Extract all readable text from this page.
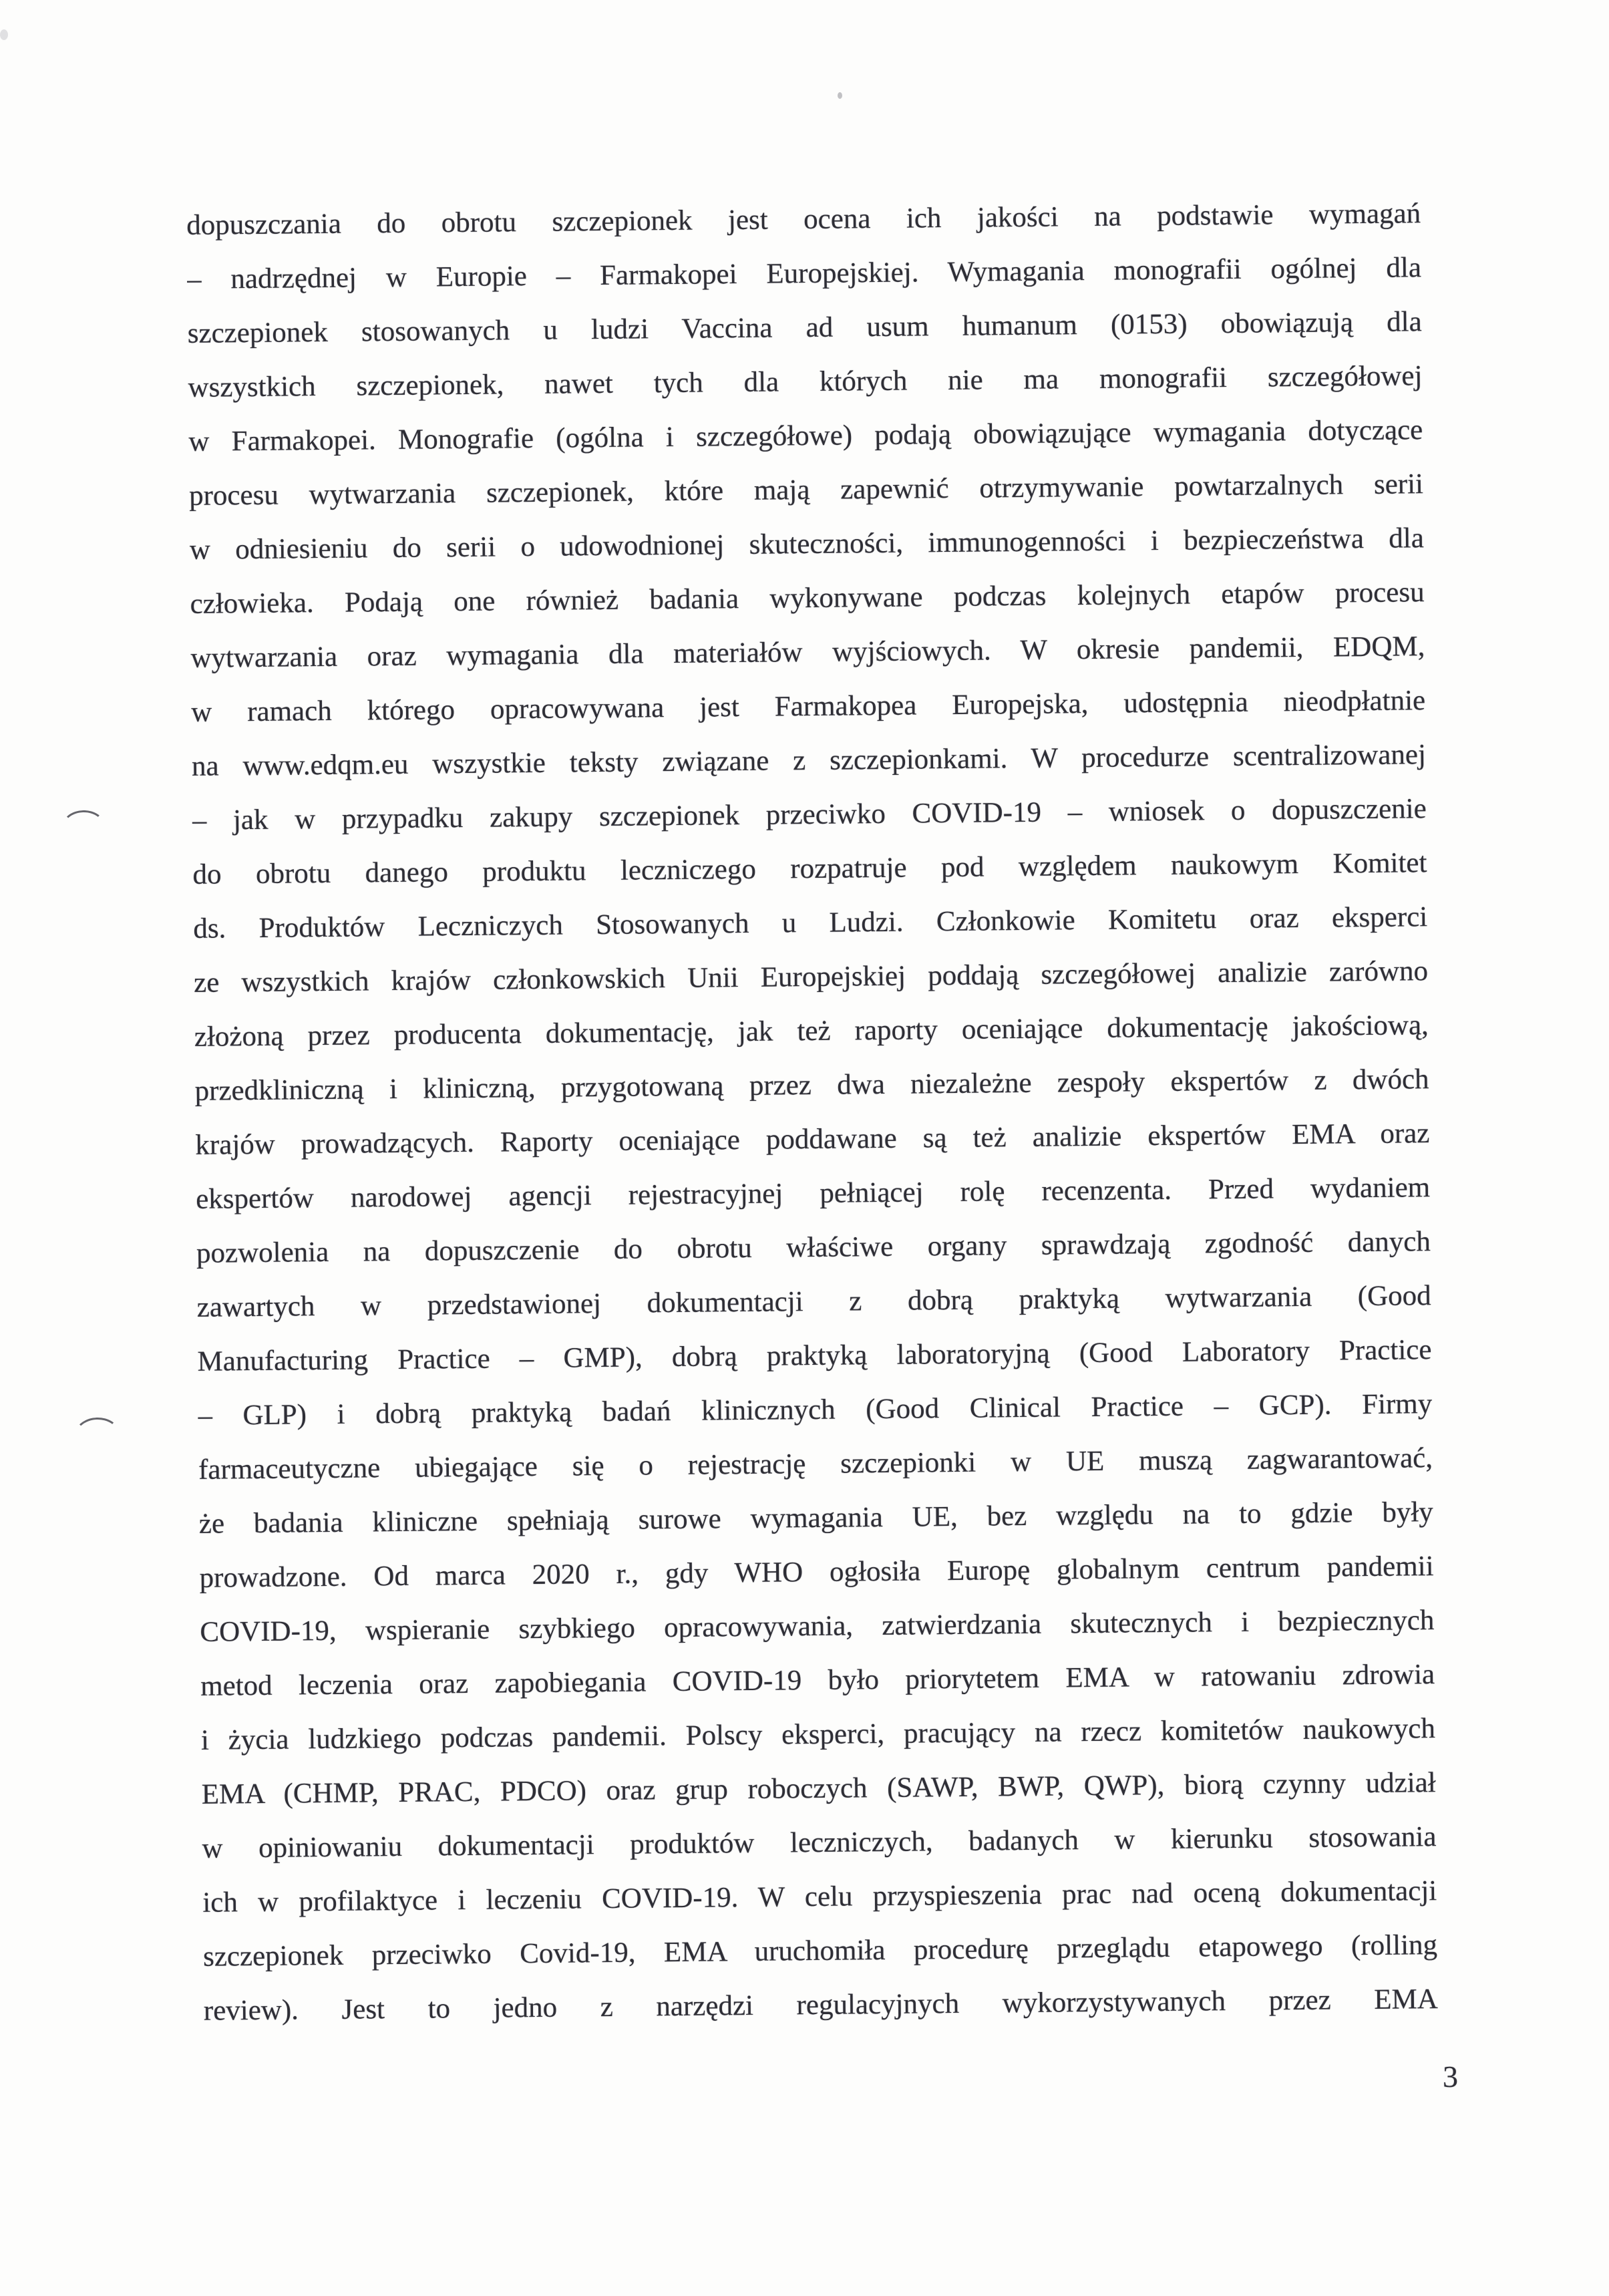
dopuszczania do obrotu szczepionek jest ocena ich jakości na podstawie wymagań
– nadrzędnej w Europie – Farmakopei Europejskiej. Wymagania monografii ogólnej dla
szczepionek stosowanych u ludzi Vaccina ad usum humanum (0153) obowiązują dla
wszystkich szczepionek, nawet tych dla których nie ma monografii szczegółowej
w Farmakopei. Monografie (ogólna i szczegółowe) podają obowiązujące wymagania dotyczące
procesu wytwarzania szczepionek, które mają zapewnić otrzymywanie powtarzalnych serii
w odniesieniu do serii o udowodnionej skuteczności, immunogenności i bezpieczeństwa dla
człowieka. Podają one również badania wykonywane podczas kolejnych etapów procesu
wytwarzania oraz wymagania dla materiałów wyjściowych. W okresie pandemii, EDQM,
w ramach którego opracowywana jest Farmakopea Europejska, udostępnia nieodpłatnie
na www.edqm.eu wszystkie teksty związane z szczepionkami. W procedurze scentralizowanej
– jak w przypadku zakupy szczepionek przeciwko COVID-19 – wniosek o dopuszczenie
do obrotu danego produktu leczniczego rozpatruje pod względem naukowym Komitet
ds. Produktów Leczniczych Stosowanych u Ludzi. Członkowie Komitetu oraz eksperci
ze wszystkich krajów członkowskich Unii Europejskiej poddają szczegółowej analizie zarówno
złożoną przez producenta dokumentację, jak też raporty oceniające dokumentację jakościową,
przedkliniczną i kliniczną, przygotowaną przez dwa niezależne zespoły ekspertów z dwóch
krajów prowadzących. Raporty oceniające poddawane są też analizie ekspertów EMA oraz
ekspertów narodowej agencji rejestracyjnej pełniącej rolę recenzenta. Przed wydaniem
pozwolenia na dopuszczenie do obrotu właściwe organy sprawdzają zgodność danych
zawartych w przedstawionej dokumentacji z dobrą praktyką wytwarzania (Good
Manufacturing Practice – GMP), dobrą praktyką laboratoryjną (Good Laboratory Practice
– GLP) i dobrą praktyką badań klinicznych (Good Clinical Practice – GCP). Firmy
farmaceutyczne ubiegające się o rejestrację szczepionki w UE muszą zagwarantować,
że badania kliniczne spełniają surowe wymagania UE, bez względu na to gdzie były
prowadzone. Od marca 2020 r., gdy WHO ogłosiła Europę globalnym centrum pandemii
COVID-19, wspieranie szybkiego opracowywania, zatwierdzania skutecznych i bezpiecznych
metod leczenia oraz zapobiegania COVID-19 było priorytetem EMA w ratowaniu zdrowia
i życia ludzkiego podczas pandemii. Polscy eksperci, pracujący na rzecz komitetów naukowych
EMA (CHMP, PRAC, PDCO) oraz grup roboczych (SAWP, BWP, QWP), biorą czynny udział
w opiniowaniu dokumentacji produktów leczniczych, badanych w kierunku stosowania
ich w profilaktyce i leczeniu COVID-19. W celu przyspieszenia prac nad oceną dokumentacji
szczepionek przeciwko Covid-19, EMA uruchomiła procedurę przeglądu etapowego (rolling
review). Jest to jedno z narzędzi regulacyjnych wykorzystywanych przez EMA
3
